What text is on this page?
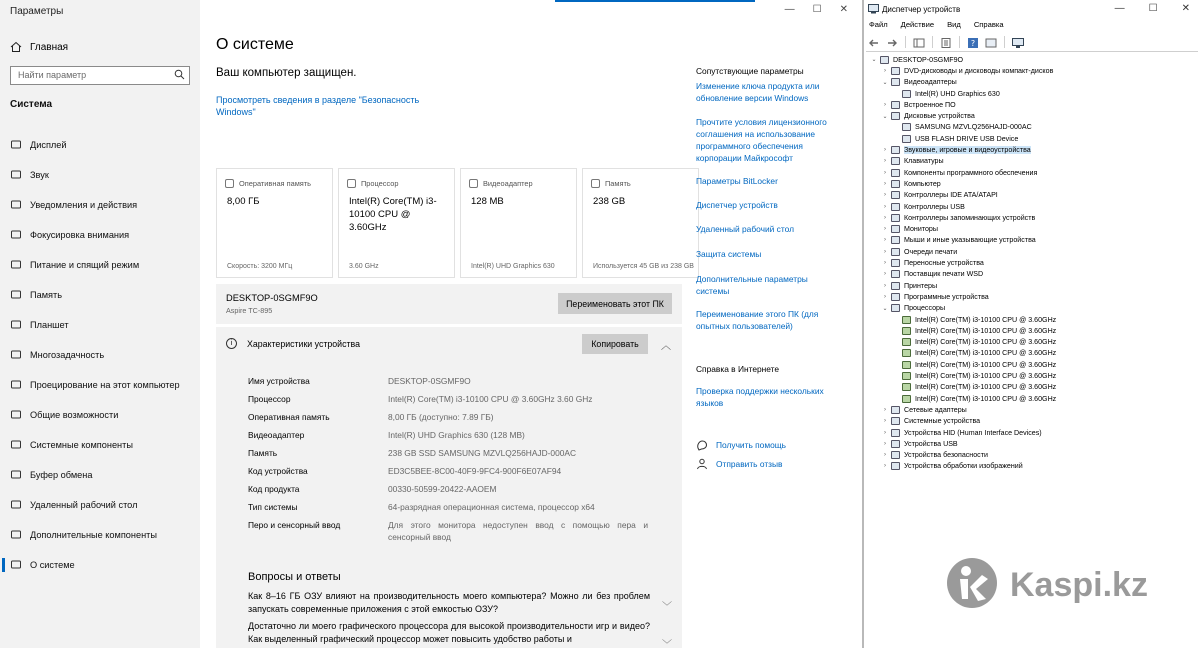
Параметры
Главная
Найти параметр
Система
Дисплей
Звук
Уведомления и действия
Фокусировка внимания
Питание и спящий режим
Память
Планшет
Многозадачность
Проецирование на этот компьютер
Общие возможности
Системные компоненты
Буфер обмена
Удаленный рабочий стол
Дополнительные компоненты
О системе
— ☐ ✕
О системе
Ваш компьютер защищен.
Просмотреть сведения в разделе "Безопасность Windows"
Оперативная память
8,00 ГБ
Скорость: 3200 МГц
Процессор
Intel(R) Core(TM) i3-10100 CPU @ 3.60GHz
3.60 GHz
Видеоадаптер
128 MB
Intel(R) UHD Graphics 630
Память
238 GB
Используется 45 GB из 238 GB
DESKTOP-0SGMF9O
Aspire TC-895
Переименовать этот ПК
i	Характеристики устройства	Копировать	︿
Имя устройства	DESKTOP-0SGMF9O
Процессор	Intel(R) Core(TM) i3-10100 CPU @ 3.60GHz 3.60 GHz
Оперативная память	8,00 ГБ (доступно: 7.89 ГБ)
Видеоадаптер	Intel(R) UHD Graphics 630 (128 MB)
Память	238 GB SSD SAMSUNG MZVLQ256HAJD-000AC
Код устройства	ED3C5BEE-8C00-40F9-9FC4-900F6E07AF94
Код продукта	00330-50599-20422-AAOEM
Тип системы	64-разрядная операционная система, процессор x64
Перо и сенсорный ввод	Для этого монитора недоступен ввод с помощью пера и сенсорный ввод
Вопросы и ответы
Как 8–16 ГБ ОЗУ влияют на производительность моего компьютера? Можно ли без проблем запускать современные приложения с этой емкостью ОЗУ?	﹀
Достаточно ли моего графического процессора для высокой производительности игр и видео? Как выделенный графический процессор может повысить удобство работы и
﹀
Сопутствующие параметры
Изменение ключа продукта или обновление версии Windows
Прочтите условия лицензионного соглашения на использование программного обеспечения корпорации Майкрософт
Параметры BitLocker
Диспетчер устройств
Удаленный рабочий стол
Защита системы
Дополнительные параметры системы
Переименование этого ПК (для опытных пользователей)
Справка в Интернете
Проверка поддержки нескольких языков
Получить помощь
Отправить отзыв
Диспетчер устройств	— ☐ ✕
Файл Действие Вид Справка
?
⌄ DESKTOP-0SGMF9O
›	DVD-дисководы и дисководы компакт-дисков
⌄ Видеоадаптеры
Intel(R) UHD Graphics 630
›	Встроенное ПО
⌄ Дисковые устройства
SAMSUNG MZVLQ256HAJD-000AC
USB FLASH DRIVE USB Device
›	Звуковые, игровые и видеоустройства
›	Клавиатуры
›	Компоненты программного обеспечения
›	Компьютер
›	Контроллеры IDE ATA/ATAPI
›	Контроллеры USB
›	Контроллеры запоминающих устройств
›	Мониторы
›	Мыши и иные указывающие устройства
›	Очереди печати
›	Переносные устройства
›	Поставщик печати WSD
›	Принтеры
›	Программные устройства
⌄ Процессоры
Intel(R) Core(TM) i3-10100 CPU @ 3.60GHz
Intel(R) Core(TM) i3-10100 CPU @ 3.60GHz
Intel(R) Core(TM) i3-10100 CPU @ 3.60GHz
Intel(R) Core(TM) i3-10100 CPU @ 3.60GHz
Intel(R) Core(TM) i3-10100 CPU @ 3.60GHz
Intel(R) Core(TM) i3-10100 CPU @ 3.60GHz
Intel(R) Core(TM) i3-10100 CPU @ 3.60GHz
Intel(R) Core(TM) i3-10100 CPU @ 3.60GHz
›	Сетевые адаптеры
›	Системные устройства
›	Устройства HID (Human Interface Devices)
›	Устройства USB
›	Устройства безопасности
›	Устройства обработки изображений
Kaspi.kz
